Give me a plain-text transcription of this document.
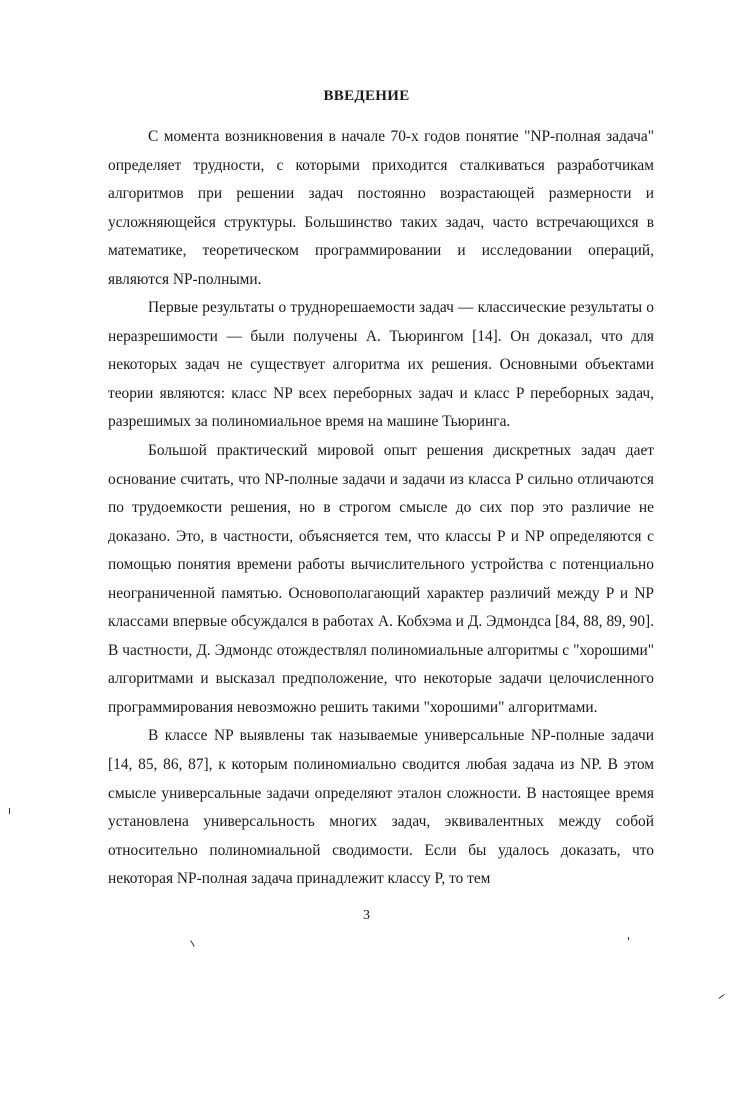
ВВЕДЕНИЕ

С момента возникновения в начале 70-х годов понятие "NP-полная задача" определяет трудности, с которыми приходится сталкиваться разработчикам алгоритмов при решении задач постоянно возрастающей размерности и усложняющейся структуры. Большинство таких задач, часто встречающихся в математике, теоретическом программировании и исследовании операций, являются NP-полными.

Первые результаты о труднорешаемости задач — классические результаты о неразрешимости — были получены А. Тьюрингом [14]. Он доказал, что для некоторых задач не существует алгоритма их решения. Основными объектами теории являются: класс NP всех переборных задач и класс P переборных задач, разрешимых за полиномиальное время на машине Тьюринга.

Большой практический мировой опыт решения дискретных задач дает основание считать, что NP-полные задачи и задачи из класса P сильно отличаются по трудоемкости решения, но в строгом смысле до сих пор это различие не доказано. Это, в частности, объясняется тем, что классы P и NP определяются с помощью понятия времени работы вычислительного устройства с потенциально неограниченной памятью. Основополагающий характер различий между P и NP классами впервые обсуждался в работах А. Кобхэма и Д. Эдмондса [84, 88, 89, 90]. В частности, Д. Эдмондс отождествлял полиномиальные алгоритмы с "хорошими" алгоритмами и высказал предположение, что некоторые задачи целочисленного программирования невозможно решить такими "хорошими" алгоритмами.

В классе NP выявлены так называемые универсальные NP-полные задачи [14, 85, 86, 87], к которым полиномиально сводится любая задача из NP. В этом смысле универсальные задачи определяют эталон сложности. В настоящее время установлена универсальность многих задач, эквивалентных между собой относительно полиномиальной сводимости. Если бы удалось доказать, что некоторая NP-полная задача принадлежит классу P, то тем

3
